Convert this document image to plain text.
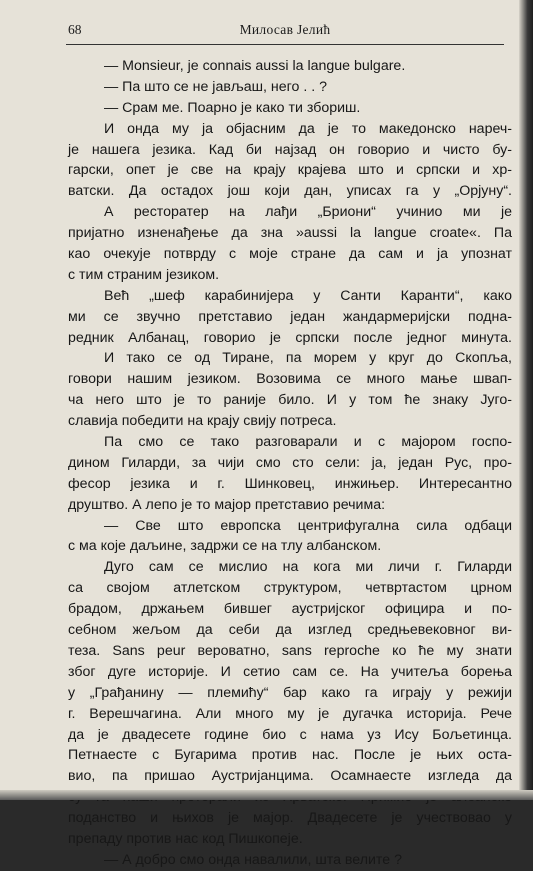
68	Милосав Јелић
— Monsieur, je connais aussi la langue bulgare.
— Па што се не јављаш, него . . ?
— Срам ме. Поарно је како ти збориш.
И онда му ја објасним да је то македонско нареч-
је нашега језика. Кад би најзад он говорио и чисто бу-
гарски, опет је све на крају крајева што и српски и хр-
ватски. Да остадох још који дан, уписах га у „Орјуну“.
А ресторатер на лађи „Бриони“ учинио ми је
пријатно изненађење да зна »aussi la langue croate«. Па
као очекује потврду с моје стране да сам и ја упознат
с тим страним језиком.
Већ „шеф карабинијера у Санти Каранти“, како
ми се звучно претставио један жандармеријски подна-
редник Албанац, говорио је српски после једног минута.
И тако се од Тиране, па морем у круг до Скопља,
говори нашим језиком. Возовима се много мање швап-
ча него што је то раније било. И у том ће знаку Југо-
славија победити на крају свију потреса.
Па смо се тако разговарали и с мајором госпо-
дином Гиларди, за чији смо сто сели: ја, један Рус, про-
фесор језика и г. Шинковец, инжињер. Интересантно
друштво. А лепо је то мајор претставио речима:
— Све што европска центрифугална сила одбаци
с ма које даљине, задржи се на тлу албанском.
Дуго сам се мислио на кога ми личи г. Гиларди
са својом атлетском структуром, четвртастом црном
брадом, држањем бившег аустријског официра и по-
себном жељом да себи да изглед средњевековног ви-
теза. Sans peur вероватно, sans reproche ко ће му знати
због дуге историје. И сетио сам се. На учитеља борења
у „Грађанину — племићу“ бар како га играју у режији
г. Верешчагина. Али много му је дугачка историја. Рече
да је двадесете године био с нама уз Ису Бољетинца.
Петнаесте с Бугарима против нас. После је њих оста-
вио, па пришао Аустријанцима. Осамнаесте изгледа да
поданство и њихов је мајор. Двадесете је учествовао у
препаду против нас код Пишкопеје.
— А добро смо онда навалили, шта велите ?
